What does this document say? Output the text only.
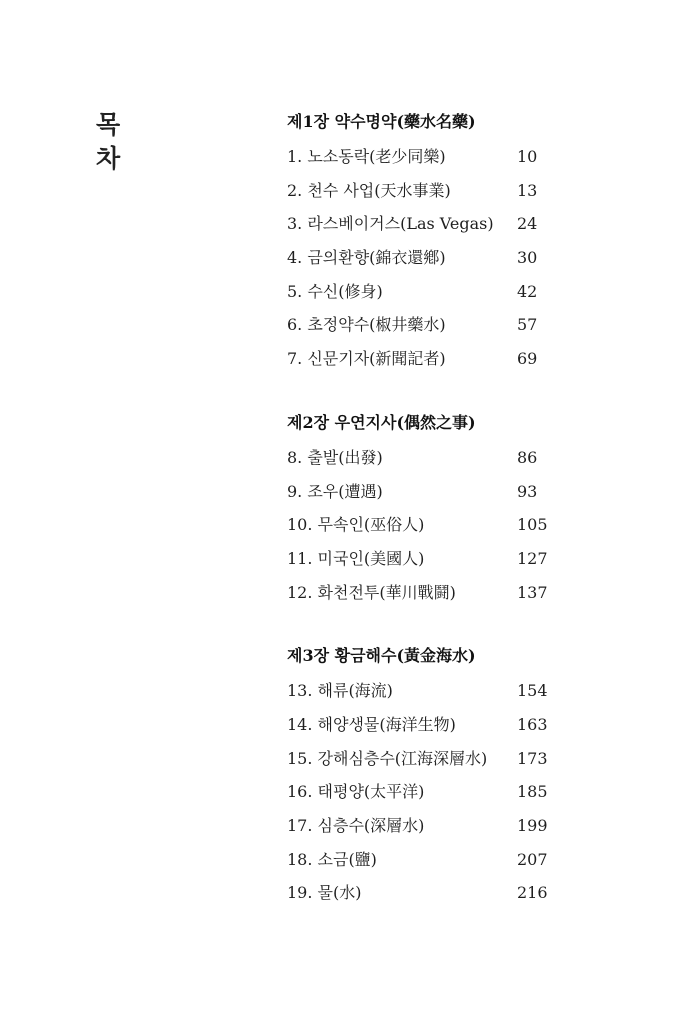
목
차
제1장 약수명약(藥水名藥)
1. 노소동락(老少同樂)	10
2. 천수 사업(天水事業)	13
3. 라스베이거스(Las Vegas) 24
4. 금의환향(錦衣還鄕)	30
5. 수신(修身)	42
6. 초정약수(椒井藥水)	57
7. 신문기자(新聞記者)	69
제2장 우연지사(偶然之事)
8. 출발(出發)	86
9. 조우(遭遇)	93
10. 무속인(巫俗人)	105
11. 미국인(美國人)	127
12. 화천전투(華川戰鬪)	137
제3장 황금해수(黃金海水)
13. 해류(海流)	154
14. 해양생물(海洋生物)	163
15. 강해심층수(江海深層水) 173
16. 태평양(太平洋)	185
17. 심층수(深層水)	199
18. 소금(鹽)	207
19. 물(水)	216
